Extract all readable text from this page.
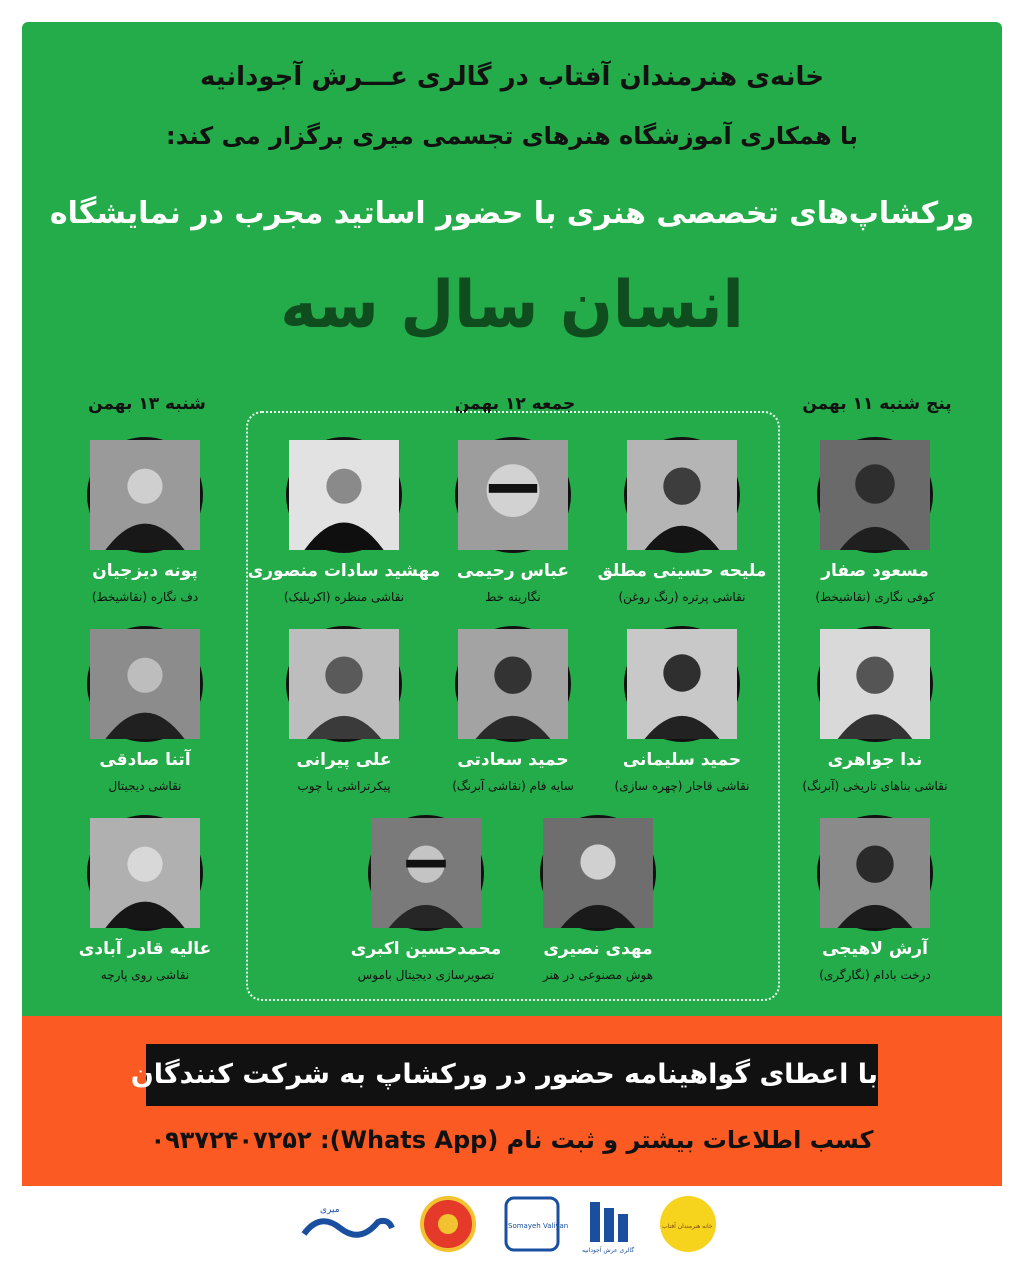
خانه‌ی هنرمندان آفتاب در گالری عـــرش آجودانیه
با همکاری آموزشگاه هنرهای تجسمی میری برگزار می کند:
ورکشاپ‌های تخصصی هنری با حضور اساتید مجرب در نمایشگاه
انسان سال سه
پنج شنبه ۱۱ بهمن
جمعه ۱۲ بهمن
شنبه ۱۳ بهمن
مسعود صفار
کوفی نگاری (نقاشیخط)
ندا جواهری
نقاشی بناهای تاریخی (آبرنگ)
آرش لاهیجی
درخت بادام (نگارگری)
ملیحه حسینی مطلق
نقاشی پرتره (رنگ روغن)
عباس رحیمی
نگارینه خط
مهشید سادات منصوری
نقاشی منظره (اکریلیک)
حمید سلیمانی
نقاشی قاجار (چهره سازی)
حمید سعادتی
سایه فام (نقاشی آبرنگ)
علی پیرانی
پیکرتراشی با چوب
مهدی نصیری
هوش مصنوعی در هنر
محمدحسین اکبری
تصویرسازی دیجیتال باموس
پونه دیزجیان
دف نگاره (نقاشیخط)
آتنا صادقی
نقاشی دیجیتال
عالیه قادر آبادی
نقاشی روی پارچه
با اعطای گواهینامه حضور در ورکشاپ به شرکت کنندگان
کسب اطلاعات بیشتر و ثبت نام (Whats App): ۰۹۳۷۲۴۰۷۲۵۲
میری
Somayeh Valiyan
گالری عرش آجودانیه
خانه هنرمندان آفتاب
